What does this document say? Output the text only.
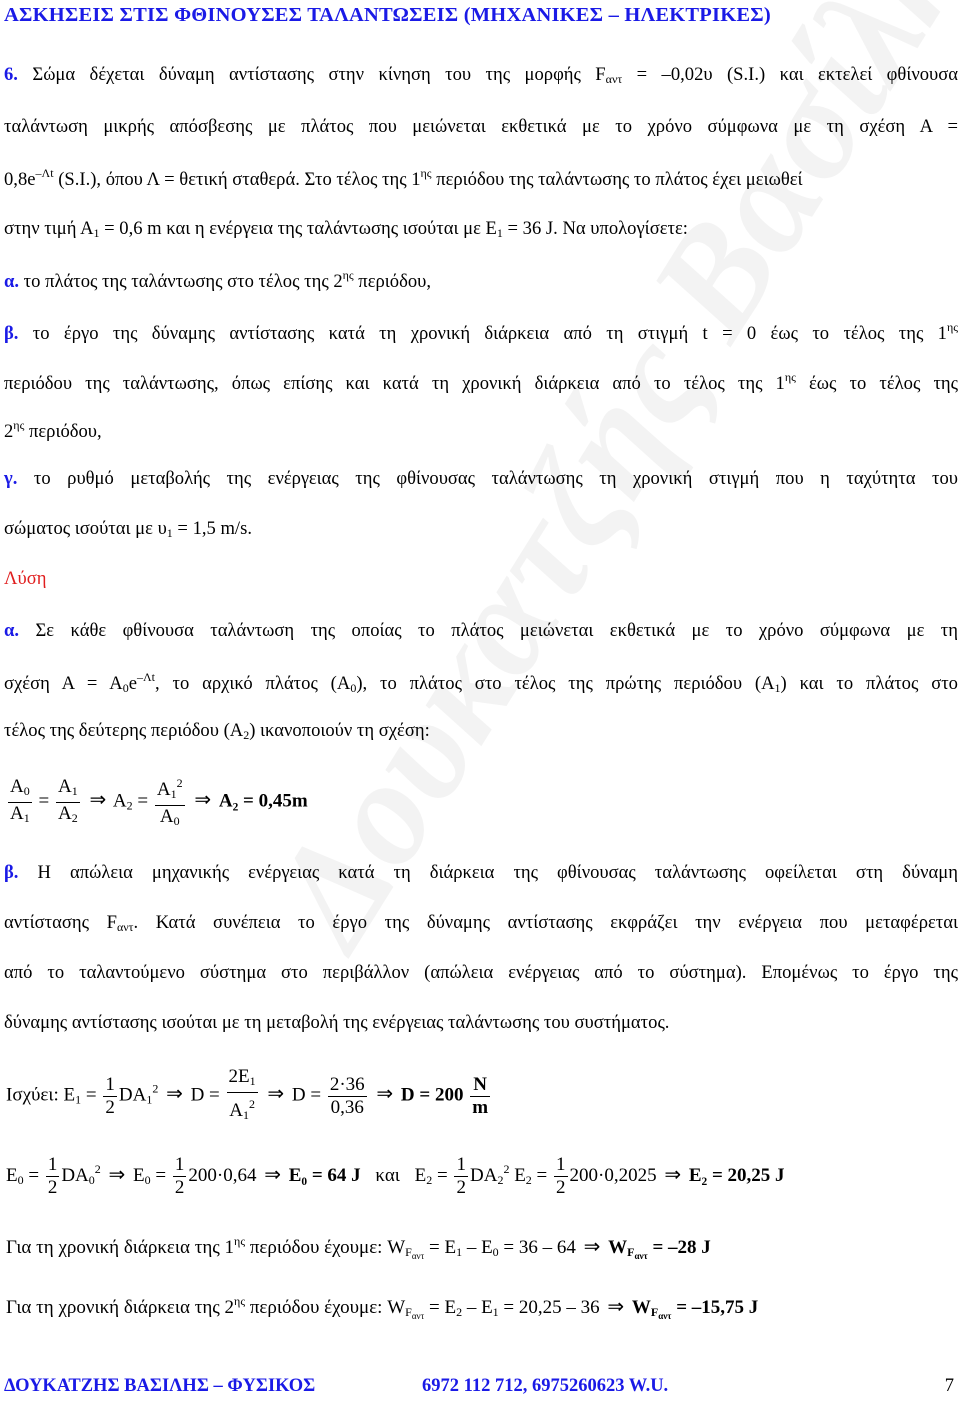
ΑΣΚΗΣΕΙΣ ΣΤΙΣ ΦΘΙΝΟΥΣΕΣ ΤΑΛΑΝΤΩΣΕΙΣ (ΜΗΧΑΝΙΚΕΣ – ΗΛΕΚΤΡΙΚΕΣ)
6. Σώμα δέχεται δύναμη αντίστασης στην κίνηση του της μορφής $F_{\alpha\nu\tau} = -0,02\upsilon$ (S.I.) και εκτελεί φθίνουσα
ταλάντωση μικρής απόσβεσης με πλάτος που μειώνεται εκθετικά με το χρόνο σύμφωνα με τη σχέση Α =
$0,8e^{-\Lambda t}$ (S.I.), όπου Λ = θετική σταθερά. Στο τέλος της $1^{\eta\varsigma}$ περιόδου της ταλάντωσης το πλάτος έχει μειωθεί
στην τιμή $A_1 = 0,6$ m και η ενέργεια της ταλάντωσης ισούται με $E_1 = 36$ J. Να υπολογίσετε:
α. το πλάτος της ταλάντωσης στο τέλος της $2^{\eta\varsigma}$ περιόδου,
β. το έργο της δύναμης αντίστασης κατά τη χρονική διάρκεια από τη στιγμή t = 0 έως το τέλος της $1^{\eta\varsigma}$
περιόδου της ταλάντωσης, όπως επίσης και κατά τη χρονική διάρκεια από το τέλος της $1^{\eta\varsigma}$ έως το τέλος της
$2^{\eta\varsigma}$ περιόδου,
γ. το ρυθμό μεταβολής της ενέργειας της φθίνουσας ταλάντωσης τη χρονική στιγμή που η ταχύτητα του
σώματος ισούται με $\upsilon_1 = 1,5$ m/s.
Λύση
α. Σε κάθε φθίνουσα ταλάντωση της οποίας το πλάτος μειώνεται εκθετικά με το χρόνο σύμφωνα με τη
σχέση $A = A_0e^{-\Lambda t}$, το αρχικό πλάτος $(A_0)$, το πλάτος στο τέλος της πρώτης περιόδου $(A_1)$ και το πλάτος στο
τέλος της δεύτερης περιόδου $(A_2)$ ικανοποιούν τη σχέση:
$\frac{A_0}{A_1} = \frac{A_1}{A_2}$ ⇒ $A_2 = \frac{A_1^2}{A_0}$ ⇒ A₂ = 0,45m
β. Η απώλεια μηχανικής ενέργειας κατά τη διάρκεια της φθίνουσας ταλάντωσης οφείλεται στη δύναμη
αντίστασης $F_{\alpha\nu\tau}$. Κατά συνέπεια το έργο της δύναμης αντίστασης εκφράζει την ενέργεια που μεταφέρεται
από το ταλαντούμενο σύστημα στο περιβάλλον (απώλεια ενέργειας από το σύστημα). Επομένως το έργο της
δύναμης αντίστασης ισούται με τη μεταβολή της ενέργειας ταλάντωσης του συστήματος.
Ισχύει: $E_1 = \frac{1}{2} DA_1^2$ ⇒ $D = \frac{2E_1}{A_1^2}$ ⇒ $D = \frac{2\cdot 36}{0,36}$ ⇒ $D = 200 \frac{N}{m}$
$E_0 = \frac{1}{2} DA_0^2$ ⇒ $E_0 = \frac{1}{2} 200\cdot 0,64$ ⇒ E₀ = 64 J και $E_2 = \frac{1}{2} DA_2^2$ $E_2 = \frac{1}{2} 200\cdot 0,2025$ ⇒ E₂ = 20,25 J
Για τη χρονική διάρκεια της $1^{\eta\varsigma}$ περιόδου έχουμε: $W_{F_{\alpha\nu\tau}} = E_1 - E_0 = 36 - 64$ ⇒ $W_{F_{\alpha\nu\tau}} = -28$ J
Για τη χρονική διάρκεια της $2^{\eta\varsigma}$ περιόδου έχουμε: $W_{F_{\alpha\nu\tau}} = E_2 - E_1 = 20,25 - 36$ ⇒ $W_{F_{\alpha\nu\tau}} = -15,75$ J
ΔΟΥΚΑΤΖΗΣ ΒΑΣΙΛΗΣ – ΦΥΣΙΚΟΣ	6972 112 712, 6975260623 W.U.	7
